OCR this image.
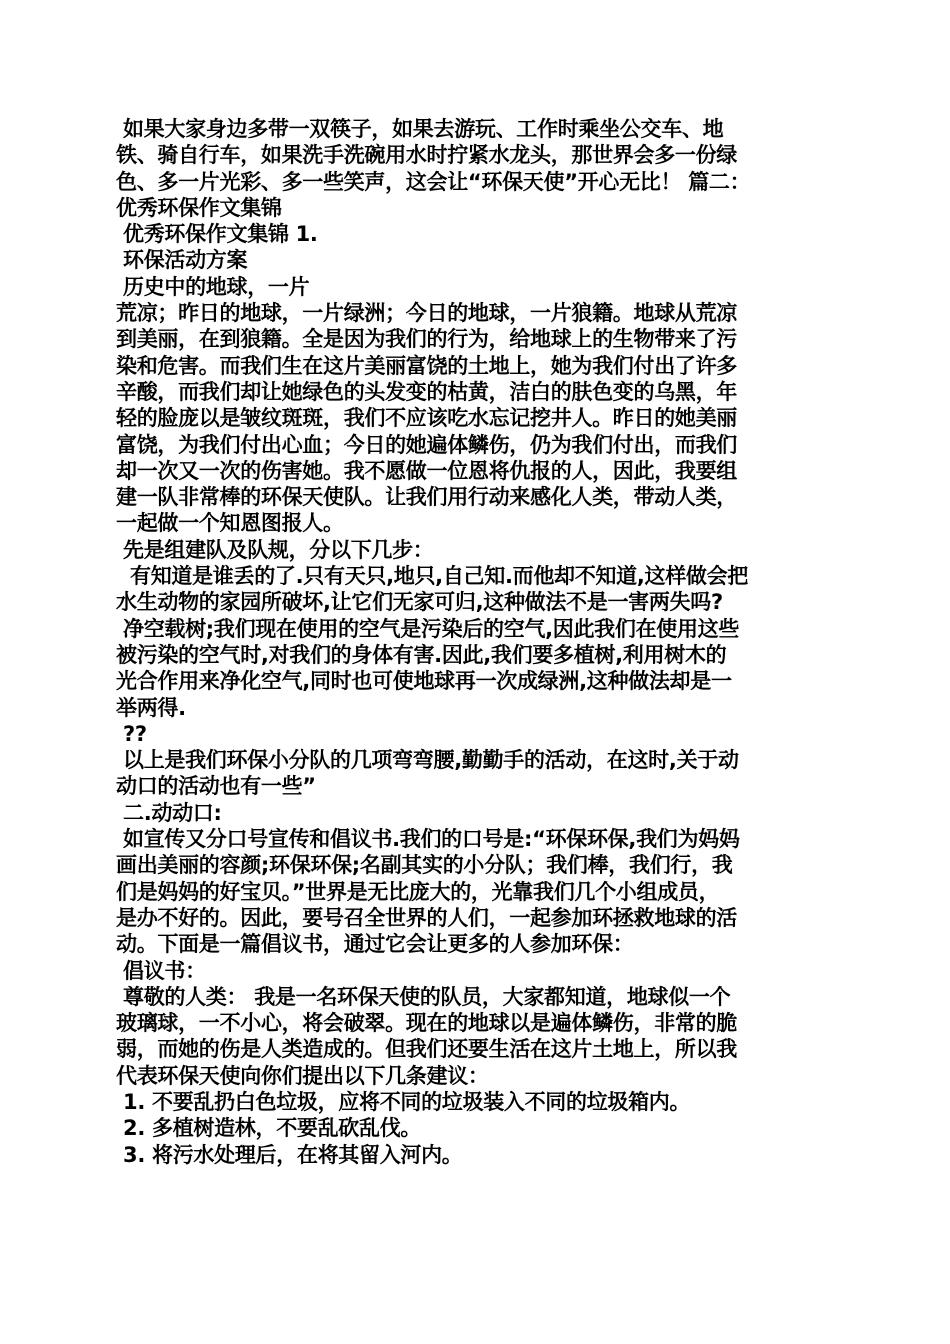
如果大家身边多带一双筷子，如果去游玩、工作时乘坐公交车、地
铁、骑自行车，如果洗手洗碗用水时拧紧水龙头，那世界会多一份绿
色、多一片光彩、多一些笑声，这会让“环保天使”开心无比！ 篇二：
优秀环保作文集锦
优秀环保作文集锦 1.
环保活动方案
历史中的地球，一片
荒凉；昨日的地球，一片绿洲；今日的地球，一片狼籍。地球从荒凉
到美丽，在到狼籍。全是因为我们的行为，给地球上的生物带来了污
染和危害。而我们生在这片美丽富饶的土地上，她为我们付出了许多
辛酸，而我们却让她绿色的头发变的枯黄，洁白的肤色变的乌黑，年
轻的脸庞以是皱纹斑斑，我们不应该吃水忘记挖井人。昨日的她美丽
富饶，为我们付出心血；今日的她遍体鳞伤，仍为我们付出，而我们
却一次又一次的伤害她。我不愿做一位恩将仇报的人，因此，我要组
建一队非常棒的环保天使队。让我们用行动来感化人类，带动人类，
一起做一个知恩图报人。
先是组建队及队规，分以下几步：
有知道是谁丢的了.只有天只,地只,自己知.而他却不知道,这样做会把
水生动物的家园所破坏,让它们无家可归,这种做法不是一害两失吗?
净空载树;我们现在使用的空气是污染后的空气,因此我们在使用这些
被污染的空气时,对我们的身体有害.因此,我们要多植树,利用树木的
光合作用来净化空气,同时也可使地球再一次成绿洲,这种做法却是一
举两得.
??
以上是我们环保小分队的几项弯弯腰,勤勤手的活动，在这时,关于动
动口的活动也有一些”
二.动动口:
如宣传又分口号宣传和倡议书.我们的口号是:“环保环保,我们为妈妈
画出美丽的容颜;环保环保;名副其实的小分队；我们棒，我们行，我
们是妈妈的好宝贝。”世界是无比庞大的，光靠我们几个小组成员，
是办不好的。因此，要号召全世界的人们，一起参加环拯救地球的活
动。下面是一篇倡议书，通过它会让更多的人参加环保：
倡议书：
尊敬的人类： 我是一名环保天使的队员，大家都知道，地球似一个
玻璃球，一不小心，将会破翠。现在的地球以是遍体鳞伤，非常的脆
弱，而她的伤是人类造成的。但我们还要生活在这片土地上，所以我
代表环保天使向你们提出以下几条建议：
1. 不要乱扔白色垃圾，应将不同的垃圾装入不同的垃圾箱内。
2. 多植树造林，不要乱砍乱伐。
3. 将污水处理后，在将其留入河内。
